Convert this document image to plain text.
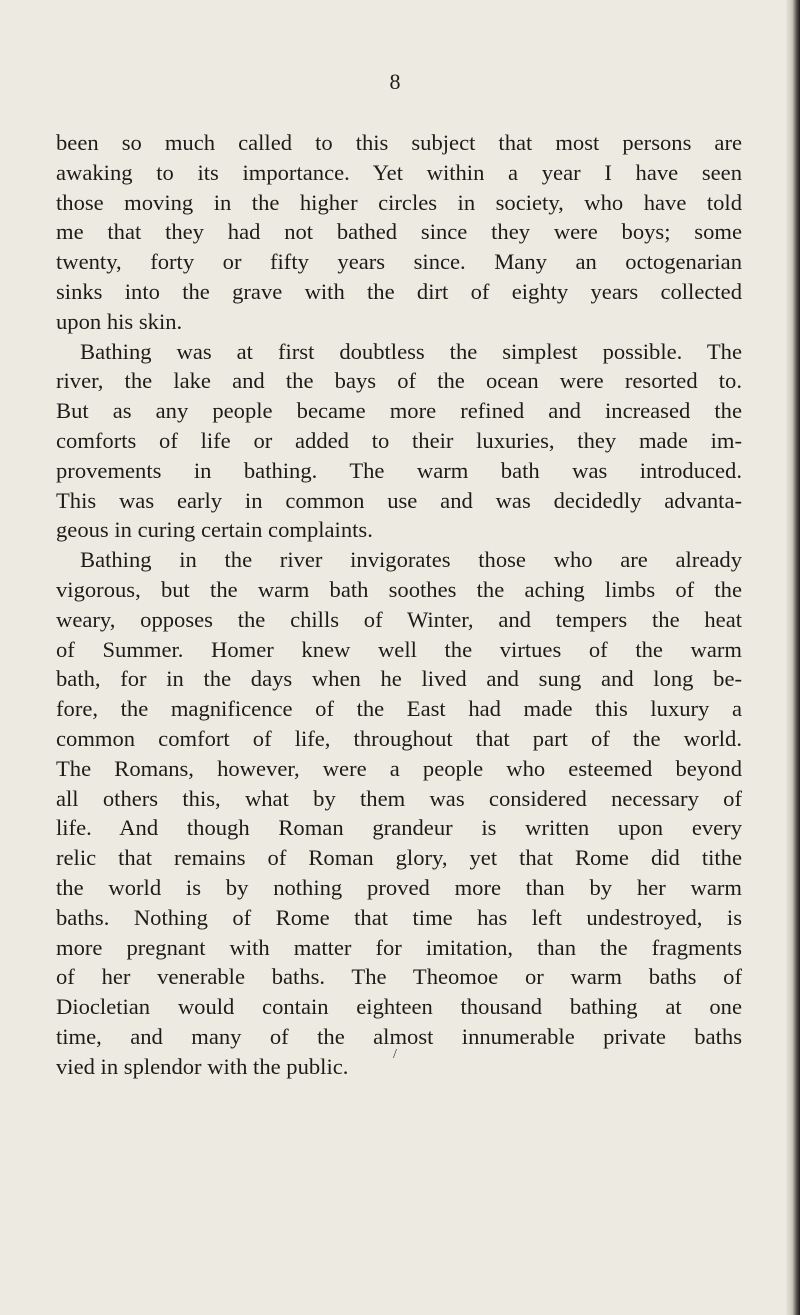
8
been so much called to this subject that most persons are
awaking to its importance. Yet within a year I have seen
those moving in the higher circles in society, who have told
me that they had not bathed since they were boys; some
twenty, forty or fifty years since. Many an octogenarian
sinks into the grave with the dirt of eighty years collected
upon his skin.
Bathing was at first doubtless the simplest possible. The
river, the lake and the bays of the ocean were resorted to.
But as any people became more refined and increased the
comforts of life or added to their luxuries, they made im-
provements in bathing. The warm bath was introduced.
This was early in common use and was decidedly advanta-
geous in curing certain complaints.
Bathing in the river invigorates those who are already
vigorous, but the warm bath soothes the aching limbs of the
weary, opposes the chills of Winter, and tempers the heat
of Summer. Homer knew well the virtues of the warm
bath, for in the days when he lived and sung and long be-
fore, the magnificence of the East had made this luxury a
common comfort of life, throughout that part of the world.
The Romans, however, were a people who esteemed beyond
all others this, what by them was considered necessary of
life. And though Roman grandeur is written upon every
relic that remains of Roman glory, yet that Rome did tithe
the world is by nothing proved more than by her warm
baths. Nothing of Rome that time has left undestroyed, is
more pregnant with matter for imitation, than the fragments
of her venerable baths. The Theomoe or warm baths of
Diocletian would contain eighteen thousand bathing at one
time, and many of the almost innumerable private baths
vied in splendor with the public.	/
